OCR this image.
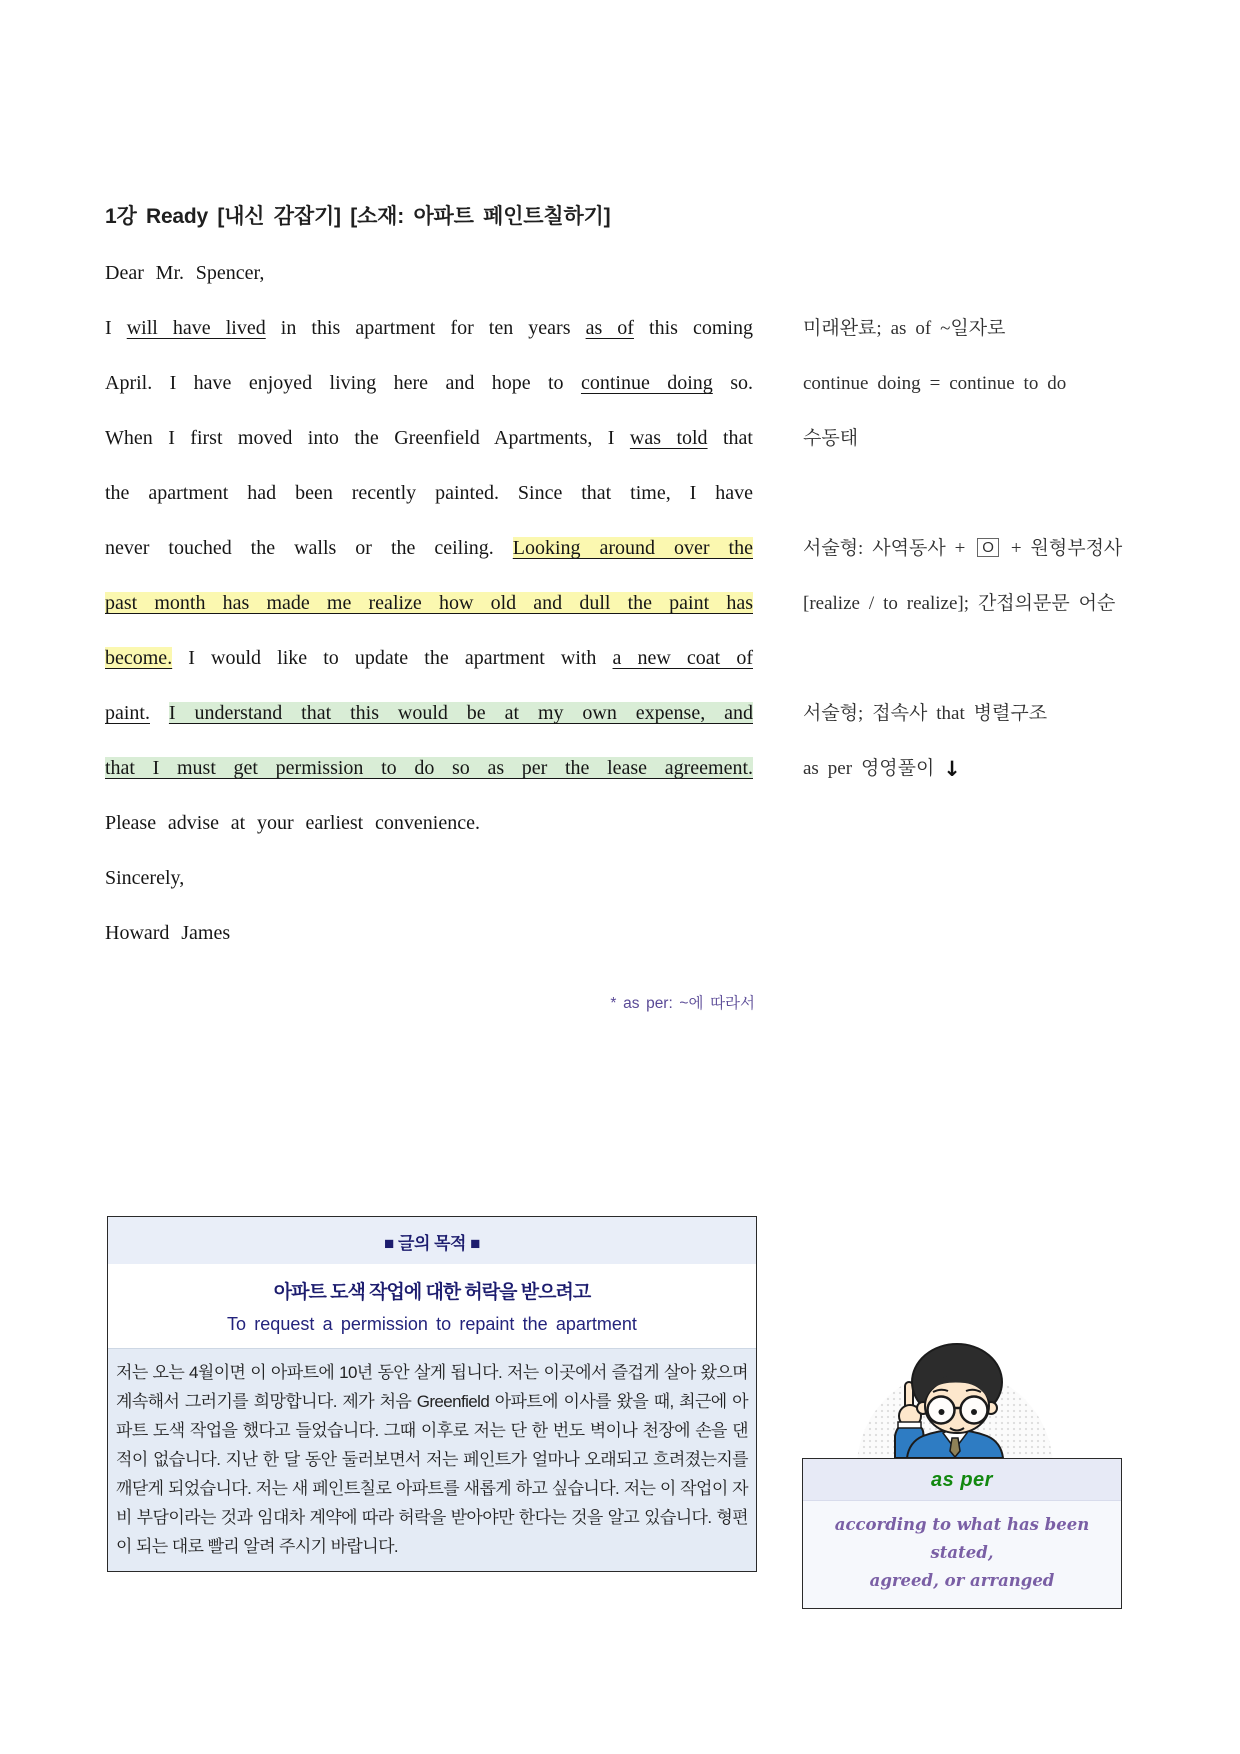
1강 Ready [내신 감잡기] [소재: 아파트 페인트칠하기]
Dear Mr. Spencer,
I will have lived in this apartment for ten years as of this coming
April. I have enjoyed living here and hope to continue doing so.
When I first moved into the Greenfield Apartments, I was told that
the apartment had been recently painted. Since that time, I have
never touched the walls or the ceiling. Looking around over the
past month has made me realize how old and dull the paint has
become. I would like to update the apartment with a new coat of
paint. I understand that this would be at my own expense, and
that I must get permission to do so as per the lease agreement.
Please advise at your earliest convenience.
Sincerely,
Howard James
미래완료; as of ~일자로
continue doing = continue to do
수동태
서술형: 사역동사 + O + 원형부정사
[realize / to realize]; 간접의문문 어순
서술형; 접속사 that 병렬구조
as per 영영풀이 ↓
* as per: ~에 따라서
■ 글의 목적 ■
아파트 도색 작업에 대한 허락을 받으려고
To request a permission to repaint the apartment
저는 오는 4월이면 이 아파트에 10년 동안 살게 됩니다. 저는 이곳에서 즐겁게 살아 왔으며 계속해서 그러기를 희망합니다. 제가 처음 Greenfield 아파트에 이사를 왔을 때, 최근에 아파트 도색 작업을 했다고 들었습니다. 그때 이후로 저는 단 한 번도 벽이나 천장에 손을 댄 적이 없습니다. 지난 한 달 동안 둘러보면서 저는 페인트가 얼마나 오래되고 흐려졌는지를 깨닫게 되었습니다. 저는 새 페인트칠로 아파트를 새롭게 하고 싶습니다. 저는 이 작업이 자비 부담이라는 것과 임대차 계약에 따라 허락을 받아야만 한다는 것을 알고 있습니다. 형편이 되는 대로 빨리 알려 주시기 바랍니다.
as per
according to what has been stated,
agreed, or arranged
